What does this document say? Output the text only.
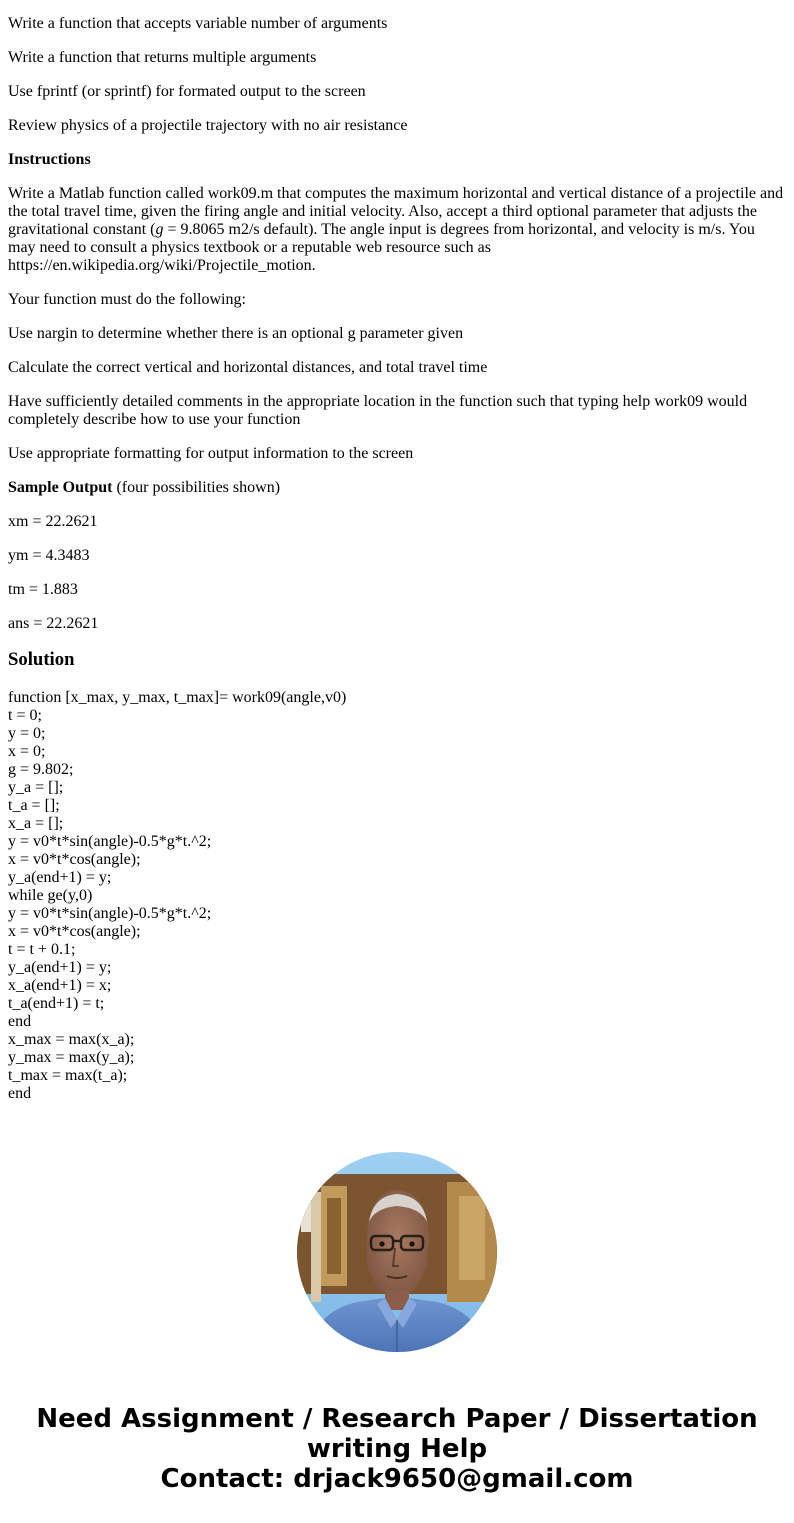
Write a function that accepts variable number of arguments

Write a function that returns multiple arguments

Use fprintf (or sprintf) for formated output to the screen

Review physics of a projectile trajectory with no air resistance

Instructions

Write a Matlab function called work09.m that computes the maximum horizontal and vertical distance of a projectile and the total travel time, given the firing angle and initial velocity. Also, accept a third optional parameter that adjusts the gravitational constant (g = 9.8065 m2/s default). The angle input is degrees from horizontal, and velocity is m/s. You may need to consult a physics textbook or a reputable web resource such as https://en.wikipedia.org/wiki/Projectile_motion.

Your function must do the following:

Use nargin to determine whether there is an optional g parameter given

Calculate the correct vertical and horizontal distances, and total travel time

Have sufficiently detailed comments in the appropriate location in the function such that typing help work09 would completely describe how to use your function

Use appropriate formatting for output information to the screen

Sample Output (four possibilities shown)

xm = 22.2621

ym = 4.3483

tm = 1.883

ans = 22.2621

Solution
function [x_max, y_max, t_max]= work09(angle,v0)
t = 0;
y = 0;
x = 0;
g = 9.802;
y_a = [];
t_a = [];
x_a = [];
y = v0*t*sin(angle)-0.5*g*t.^2;
x = v0*t*cos(angle);
y_a(end+1) = y;
while ge(y,0)
y = v0*t*sin(angle)-0.5*g*t.^2;
x = v0*t*cos(angle);
t = t + 0.1;
y_a(end+1) = y;
x_a(end+1) = x;
t_a(end+1) = t;
end
x_max = max(x_a);
y_max = max(y_a);
t_max = max(t_a);
end
Need Assignment / Research Paper / Dissertation
writing Help
Contact: drjack9650@gmail.com
